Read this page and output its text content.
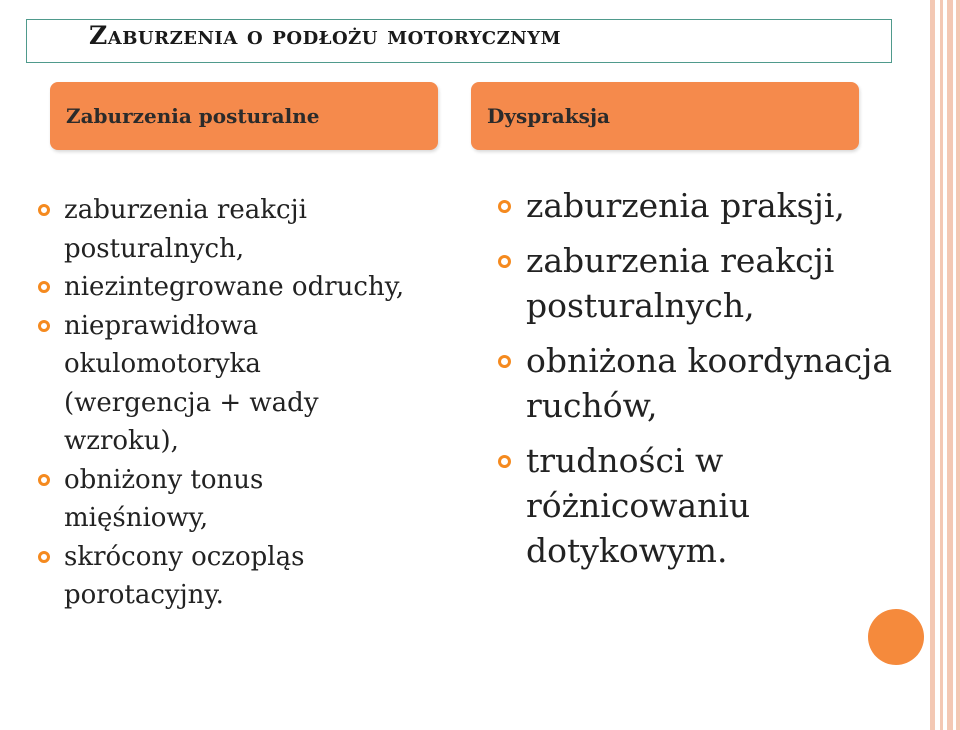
Zaburzenia o podłożu motorycznym
Zaburzenia posturalne	Dyspraksja
zaburzenia reakcji
posturalnych,
niezintegrowane odruchy,
nieprawidłowa
okulomotoryka
(wergencja + wady
wzroku),
obniżony tonus
mięśniowy,
skrócony oczopląs
porotacyjny.
zaburzenia praksji,
zaburzenia reakcji
posturalnych,
obniżona koordynacja
ruchów,
trudności w
różnicowaniu
dotykowym.
